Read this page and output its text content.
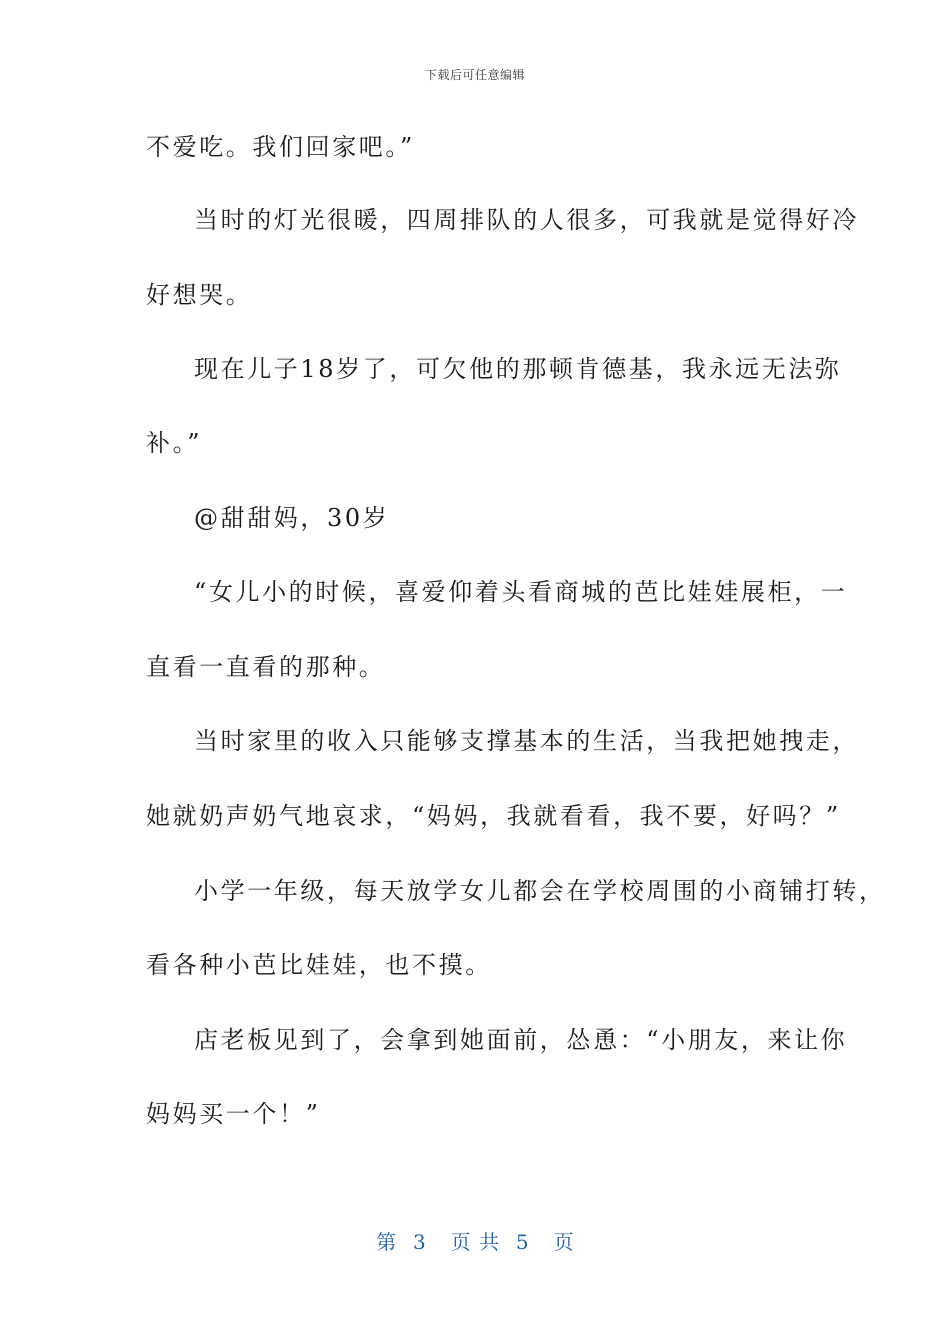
下载后可任意编辑
不爱吃。我们回家吧。”
当时的灯光很暖，四周排队的人很多，可我就是觉得好冷
好想哭。
现在儿子18岁了，可欠他的那顿肯德基，我永远无法弥
补。”
@甜甜妈，30岁
“女儿小的时候，喜爱仰着头看商城的芭比娃娃展柜，一
直看一直看的那种。
当时家里的收入只能够支撑基本的生活，当我把她拽走，
她就奶声奶气地哀求，“妈妈，我就看看，我不要，好吗？”
小学一年级，每天放学女儿都会在学校周围的小商铺打转，
看各种小芭比娃娃，也不摸。
店老板见到了，会拿到她面前，怂恿：“小朋友，来让你
妈妈买一个！”
第  3   页 共  5   页
